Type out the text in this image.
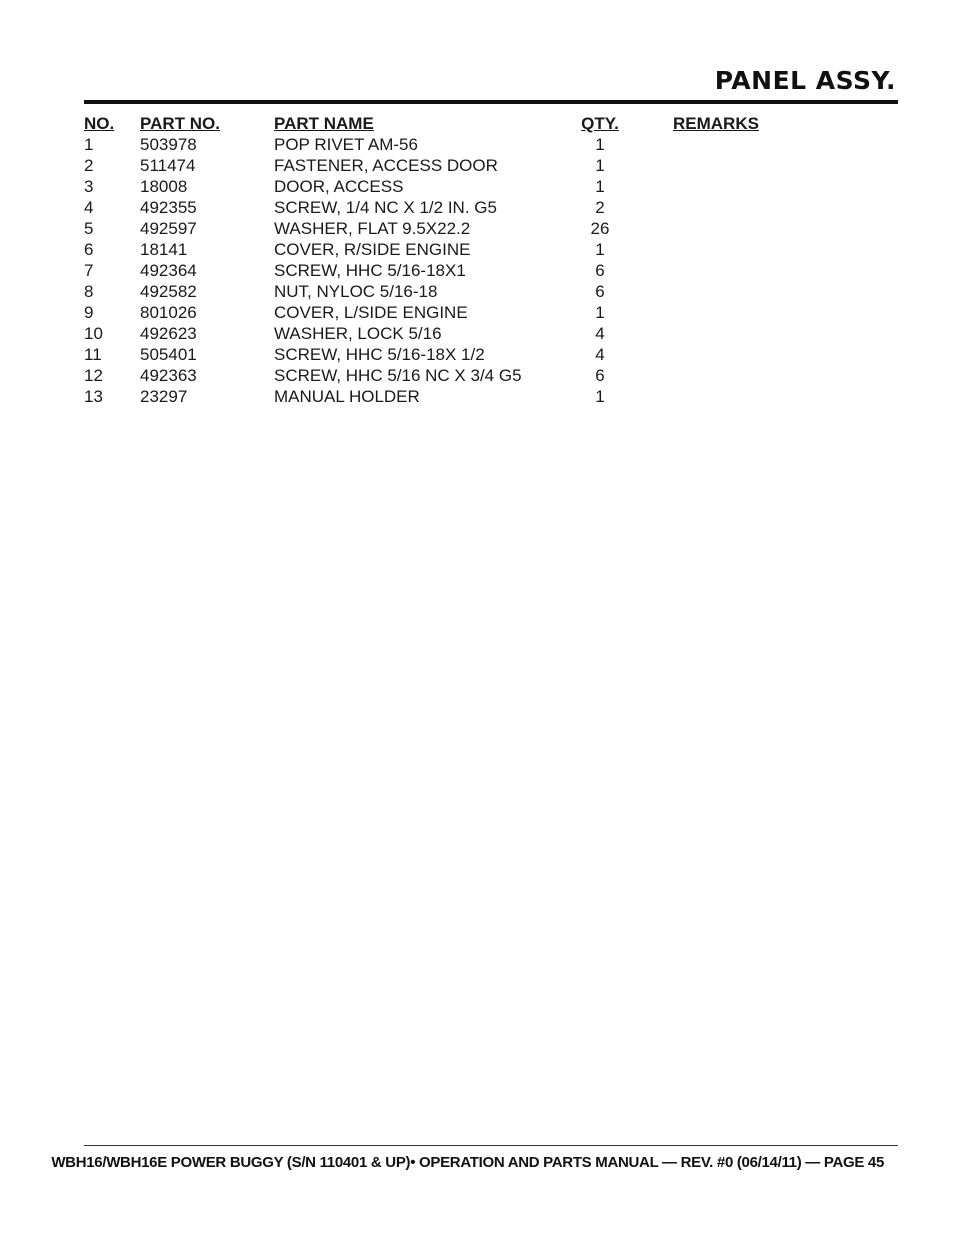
PANEL ASSY.
NO. PART NO.	PART NAME	QTY.	REMARKS
1	503978	POP RIVET AM-56	1
2	511474	FASTENER, ACCESS DOOR	1
3	18008	DOOR, ACCESS	1
4	492355	SCREW, 1/4 NC X 1/2 IN. G5	2
5	492597	WASHER, FLAT 9.5X22.2	26
6	18141	COVER, R/SIDE ENGINE	1
7	492364	SCREW, HHC 5/16-18X1	6
8	492582	NUT, NYLOC 5/16-18	6
9	801026	COVER, L/SIDE ENGINE	1
10 492623	WASHER, LOCK 5/16	4
11 505401	SCREW, HHC 5/16-18X 1/2	4
12 492363	SCREW, HHC 5/16 NC X 3/4 G5	6
13 23297	MANUAL HOLDER	1
WBH16/WBH16E POWER BUGGY (S/N 110401 & UP)• OPERATION AND PARTS MANUAL — REV. #0 (06/14/11) — PAGE 45
